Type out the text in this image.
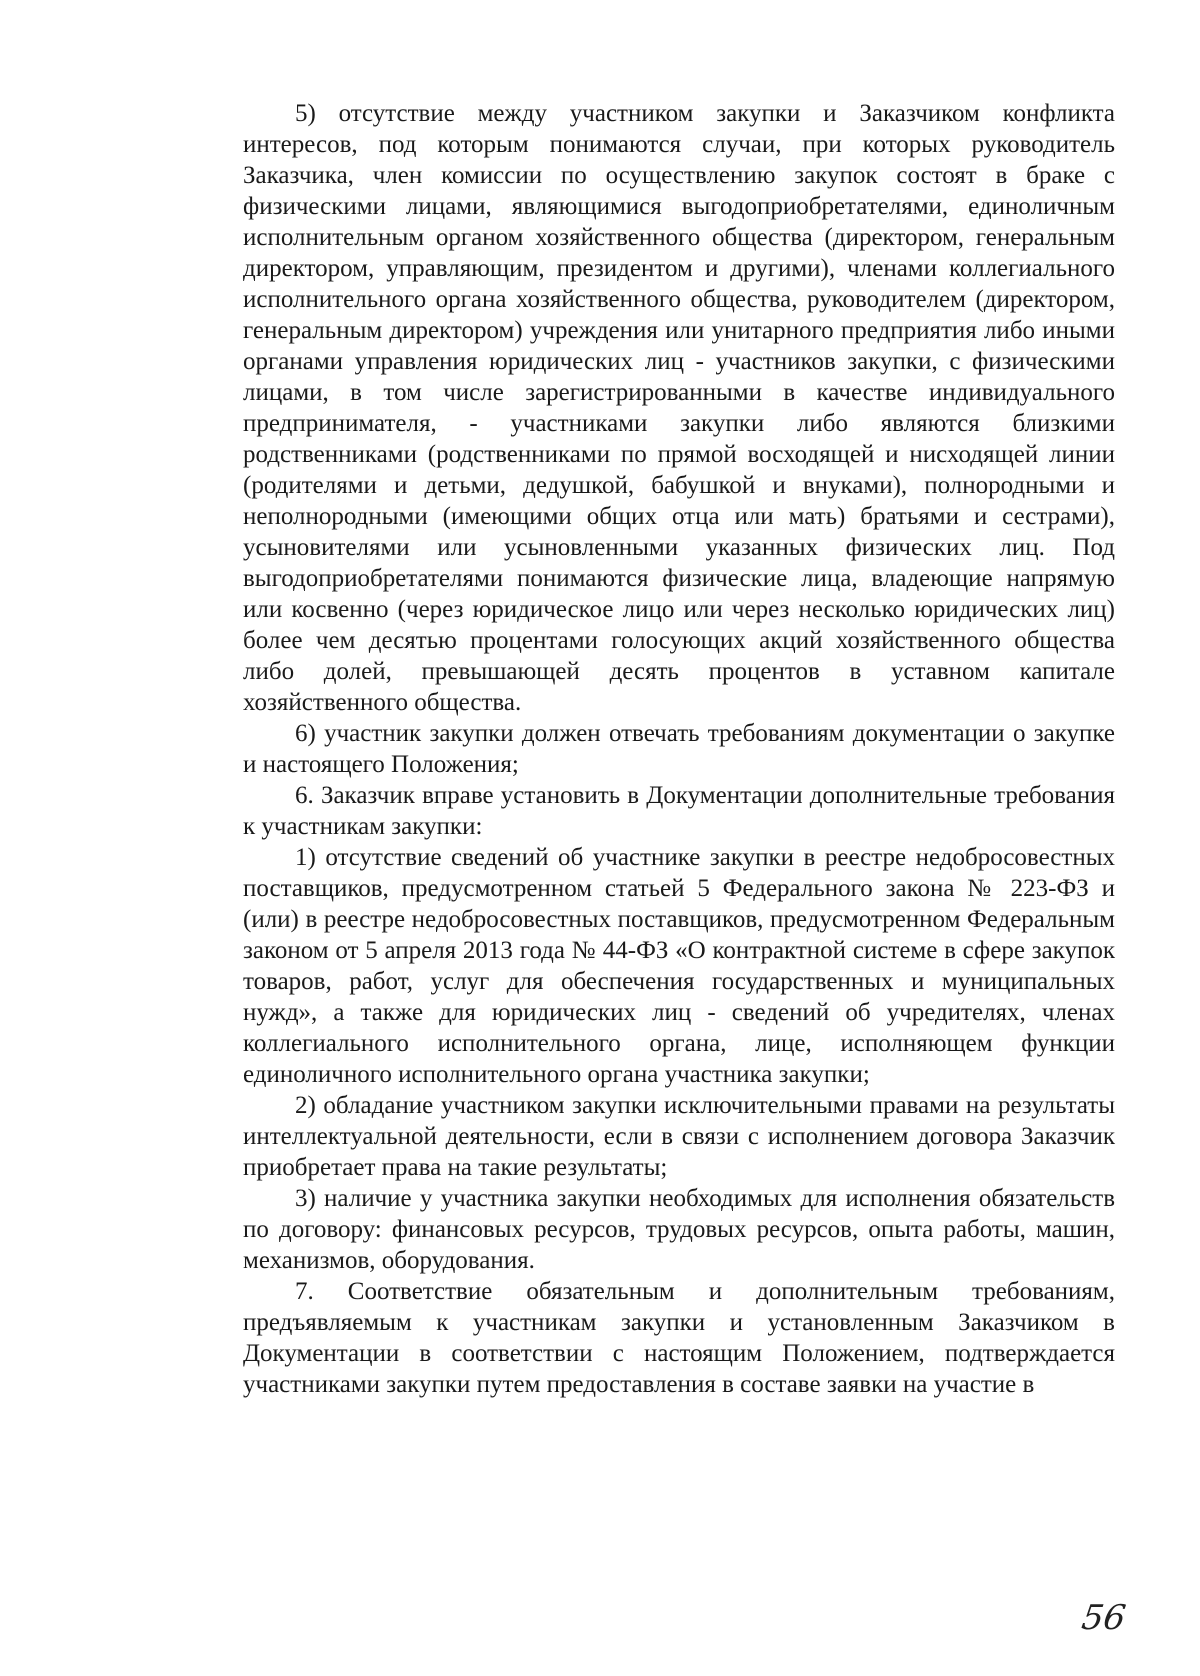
5) отсутствие между участником закупки и Заказчиком конфликта интересов, под которым понимаются случаи, при которых руководитель Заказчика, член комиссии по осуществлению закупок состоят в браке с физическими лицами, являющимися выгодоприобретателями, единоличным исполнительным органом хозяйственного общества (директором, генеральным директором, управляющим, президентом и другими), членами коллегиального исполнительного органа хозяйственного общества, руководителем (директором, генеральным директором) учреждения или унитарного предприятия либо иными органами управления юридических лиц - участников закупки, с физическими лицами, в том числе зарегистрированными в качестве индивидуального предпринимателя, - участниками закупки либо являются близкими родственниками (родственниками по прямой восходящей и нисходящей линии (родителями и детьми, дедушкой, бабушкой и внуками), полнородными и неполнородными (имеющими общих отца или мать) братьями и сестрами), усыновителями или усыновленными указанных физических лиц. Под выгодоприобретателями понимаются физические лица, владеющие напрямую или косвенно (через юридическое лицо или через несколько юридических лиц) более чем десятью процентами голосующих акций хозяйственного общества либо долей, превышающей десять процентов в уставном капитале хозяйственного общества.

6) участник закупки должен отвечать требованиям документации о закупке и настоящего Положения;

6. Заказчик вправе установить в Документации дополнительные требования к участникам закупки:

1) отсутствие сведений об участнике закупки в реестре недобросовестных поставщиков, предусмотренном статьей 5 Федерального закона № 223-ФЗ и (или) в реестре недобросовестных поставщиков, предусмотренном Федеральным законом от 5 апреля 2013 года № 44-ФЗ «О контрактной системе в сфере закупок товаров, работ, услуг для обеспечения государственных и муниципальных нужд», а также для юридических лиц - сведений об учредителях, членах коллегиального исполнительного органа, лице, исполняющем функции единоличного исполнительного органа участника закупки;

2) обладание участником закупки исключительными правами на результаты интеллектуальной деятельности, если в связи с исполнением договора Заказчик приобретает права на такие результаты;

3) наличие у участника закупки необходимых для исполнения обязательств по договору: финансовых ресурсов, трудовых ресурсов, опыта работы, машин, механизмов, оборудования.

7. Соответствие обязательным и дополнительным требованиям, предъявляемым к участникам закупки и установленным Заказчиком в Документации в соответствии с настоящим Положением, подтверждается участниками закупки путем предоставления в составе заявки на участие в

56
